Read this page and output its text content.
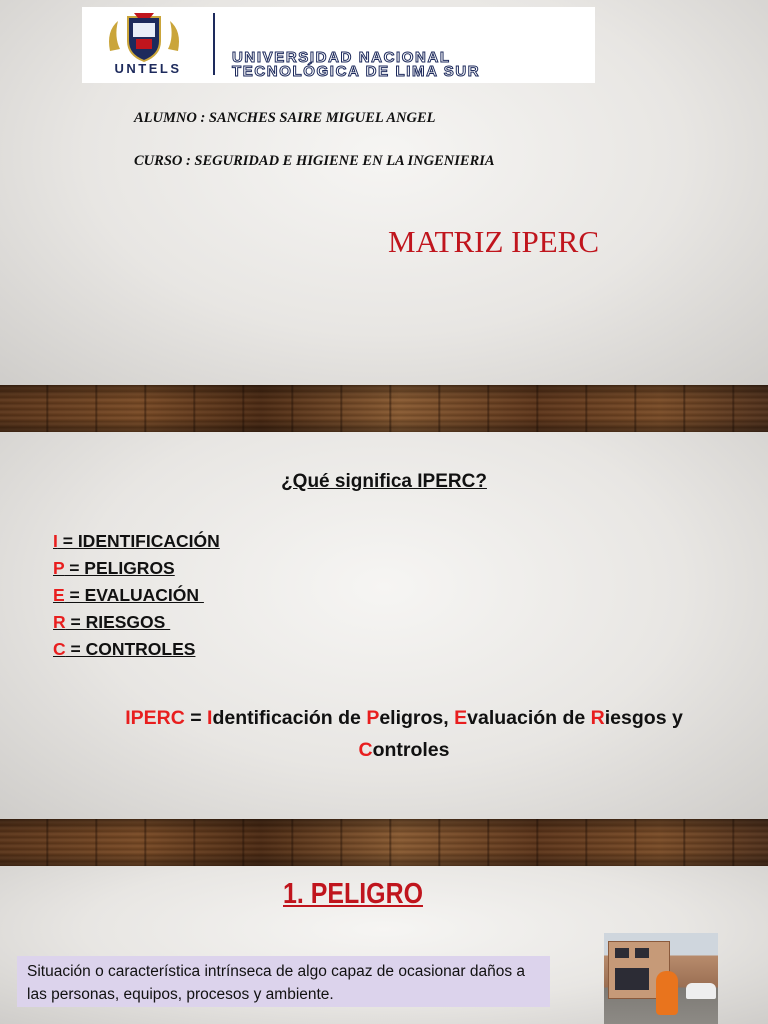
UNTELS
UNIVERSIDAD NACIONAL
TECNOLÓGICA DE LIMA SUR
ALUMNO : SANCHES SAIRE MIGUEL ANGEL
CURSO : SEGURIDAD E HIGIENE EN LA INGENIERIA
MATRIZ IPERC
¿Qué significa IPERC?
I = IDENTIFICACIÓN
P = PELIGROS
E = EVALUACIÓN
R = RIESGOS
C = CONTROLES
IPERC = Identificación de Peligros, Evaluación de Riesgos y
Controles
1. PELIGRO
Situación o característica intrínseca de algo capaz de ocasionar daños a las personas, equipos, procesos y ambiente.
